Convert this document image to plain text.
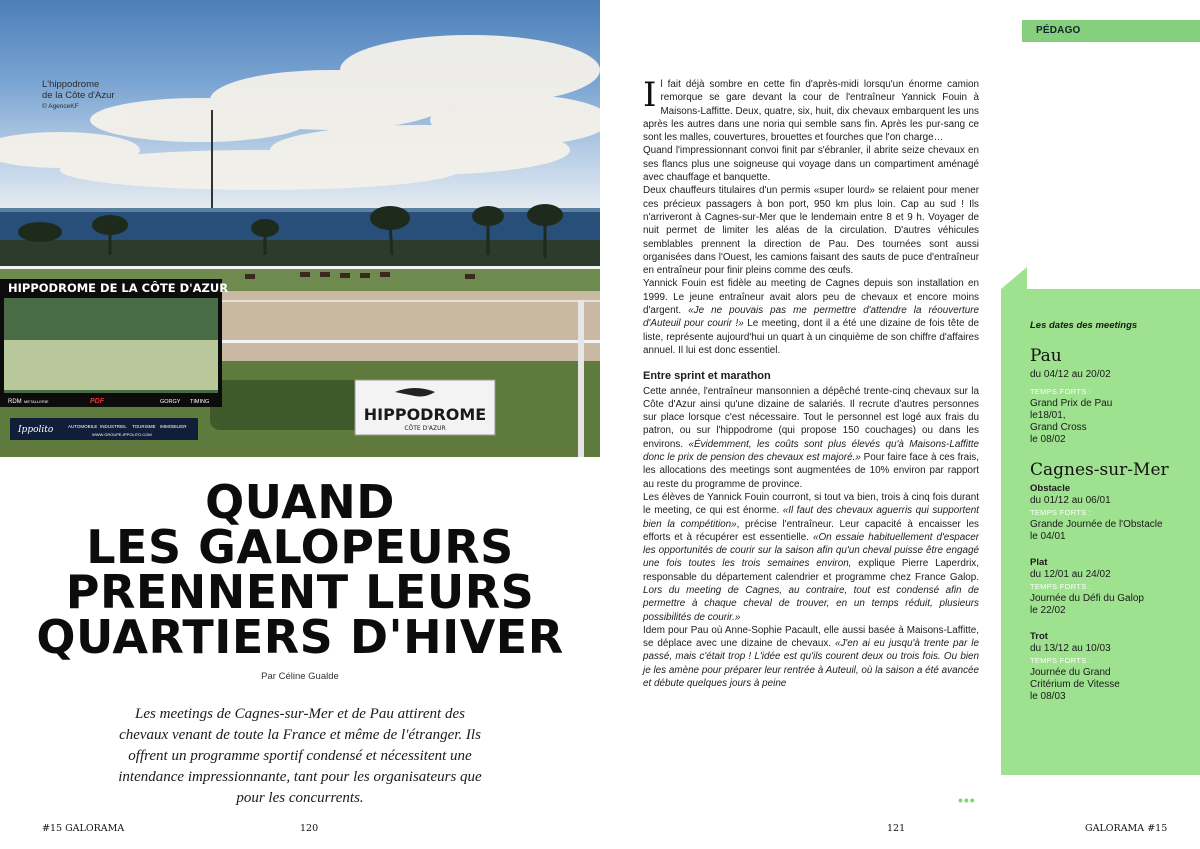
HIPPODROME DE LA CÔTE D'AZUR
RDM METALLERIE	PDF	GORGY TIMING
Ippolito	AUTOMOBILE INDUSTRIEL TOURISME IMMOBILIER
WWW.GROUPE-IPPOLITO.COM
HIPPODROME
CÔTE D'AZUR
L'hippodrome
de la Côte d'Azur
© AgenceKF
QUAND
LES GALOPEURS
PRENNENT LEURS
QUARTIERS D'HIVER
Par Céline Gualde

Les meetings de Cagnes-sur-Mer et de Pau attirent des chevaux venant de toute la France et même de l'étranger. Ils offrent un programme sportif condensé et nécessitent une intendance impressionnante, tant pour les organisateurs que pour les concurrents.

#15 GALORAMA	120	121	GALORAMA #15

Il fait déjà sombre en cette fin d'après-midi lorsqu'un énorme camion remorque se gare devant la cour de l'entraîneur Yannick Fouin à Maisons-Laffitte. Deux, quatre, six, huit, dix chevaux embarquent les uns après les autres dans une noria qui semble sans fin. Après les pur-sang ce sont les malles, couvertures, brouettes et fourches que l'on charge…

Quand l'impressionnant convoi finit par s'ébranler, il abrite seize chevaux en ses flancs plus une soigneuse qui voyage dans un compartiment aménagé avec chauffage et banquette.

Deux chauffeurs titulaires d'un permis «super lourd» se relaient pour mener ces précieux passagers à bon port, 950 km plus loin. Cap au sud ! Ils n'arriveront à Cagnes-sur-Mer que le lendemain entre 8 et 9 h. Voyager de nuit permet de limiter les aléas de la circulation. D'autres véhicules semblables prennent la direction de Pau. Des tournées sont aussi organisées dans l'Ouest, les camions faisant des sauts de puce d'entraîneur en entraîneur pour finir pleins comme des œufs.

Yannick Fouin est fidèle au meeting de Cagnes depuis son installation en 1999. Le jeune entraîneur avait alors peu de chevaux et encore moins d'argent. «Je ne pouvais pas me permettre d'attendre la réouverture d'Auteuil pour courir !» Le meeting, dont il a été une dizaine de fois tête de liste, représente aujourd'hui un quart à un cinquième de son chiffre d'affaires annuel. Il lui est donc essentiel.

Entre sprint et marathon

Cette année, l'entraîneur mansonnien a dépêché trente-cinq chevaux sur la Côte d'Azur ainsi qu'une dizaine de salariés. Il recrute d'autres personnes sur place lorsque c'est nécessaire. Tout le personnel est logé aux frais du patron, ou sur l'hippodrome (qui propose 150 couchages) ou dans les environs. «Évidemment, les coûts sont plus élevés qu'à Maisons-Laffitte donc le prix de pension des chevaux est majoré.» Pour faire face à ces frais, les allocations des meetings sont augmentées de 10% environ par rapport au reste du programme de province.

Les élèves de Yannick Fouin courront, si tout va bien, trois à cinq fois durant le meeting, ce qui est énorme. «Il faut des chevaux aguerris qui supportent bien la compétition», précise l'entraîneur. Leur capacité à encaisser les efforts et à récupérer est essentielle. «On essaie habituellement d'espacer les opportunités de courir sur la saison afin qu'un cheval puisse être engagé une fois toutes les trois semaines environ, explique Pierre Laperdrix, responsable du département calendrier et programme chez France Galop. Lors du meeting de Cagnes, au contraire, tout est condensé afin de permettre à chaque cheval de trouver, en un temps réduit, plusieurs possibilités de courir.»

Idem pour Pau où Anne-Sophie Pacault, elle aussi basée à Maisons-Laffitte, se déplace avec une dizaine de chevaux. «J'en ai eu jusqu'à trente par le passé, mais c'était trop ! L'idée est qu'ils courent deux ou trois fois. Ou bien je les amène pour préparer leur rentrée à Auteuil, où la saison a été avancée et débute quelques jours à peine

•••
PÉDAGO
Les dates des meetings
Pau
du 04/12 au 20/02
TEMPS FORTS :
Grand Prix de Pau
le18/01,
Grand Cross
le 08/02
Cagnes-sur-Mer
Obstacle
du 01/12 au 06/01
TEMPS FORTS :
Grande Journée de l'Obstacle
le 04/01
Plat
du 12/01 au 24/02
TEMPS FORTS :
Journée du Défi du Galop
le 22/02
Trot
du 13/12 au 10/03
TEMPS FORTS :
Journée du Grand
Critérium de Vitesse
le 08/03
